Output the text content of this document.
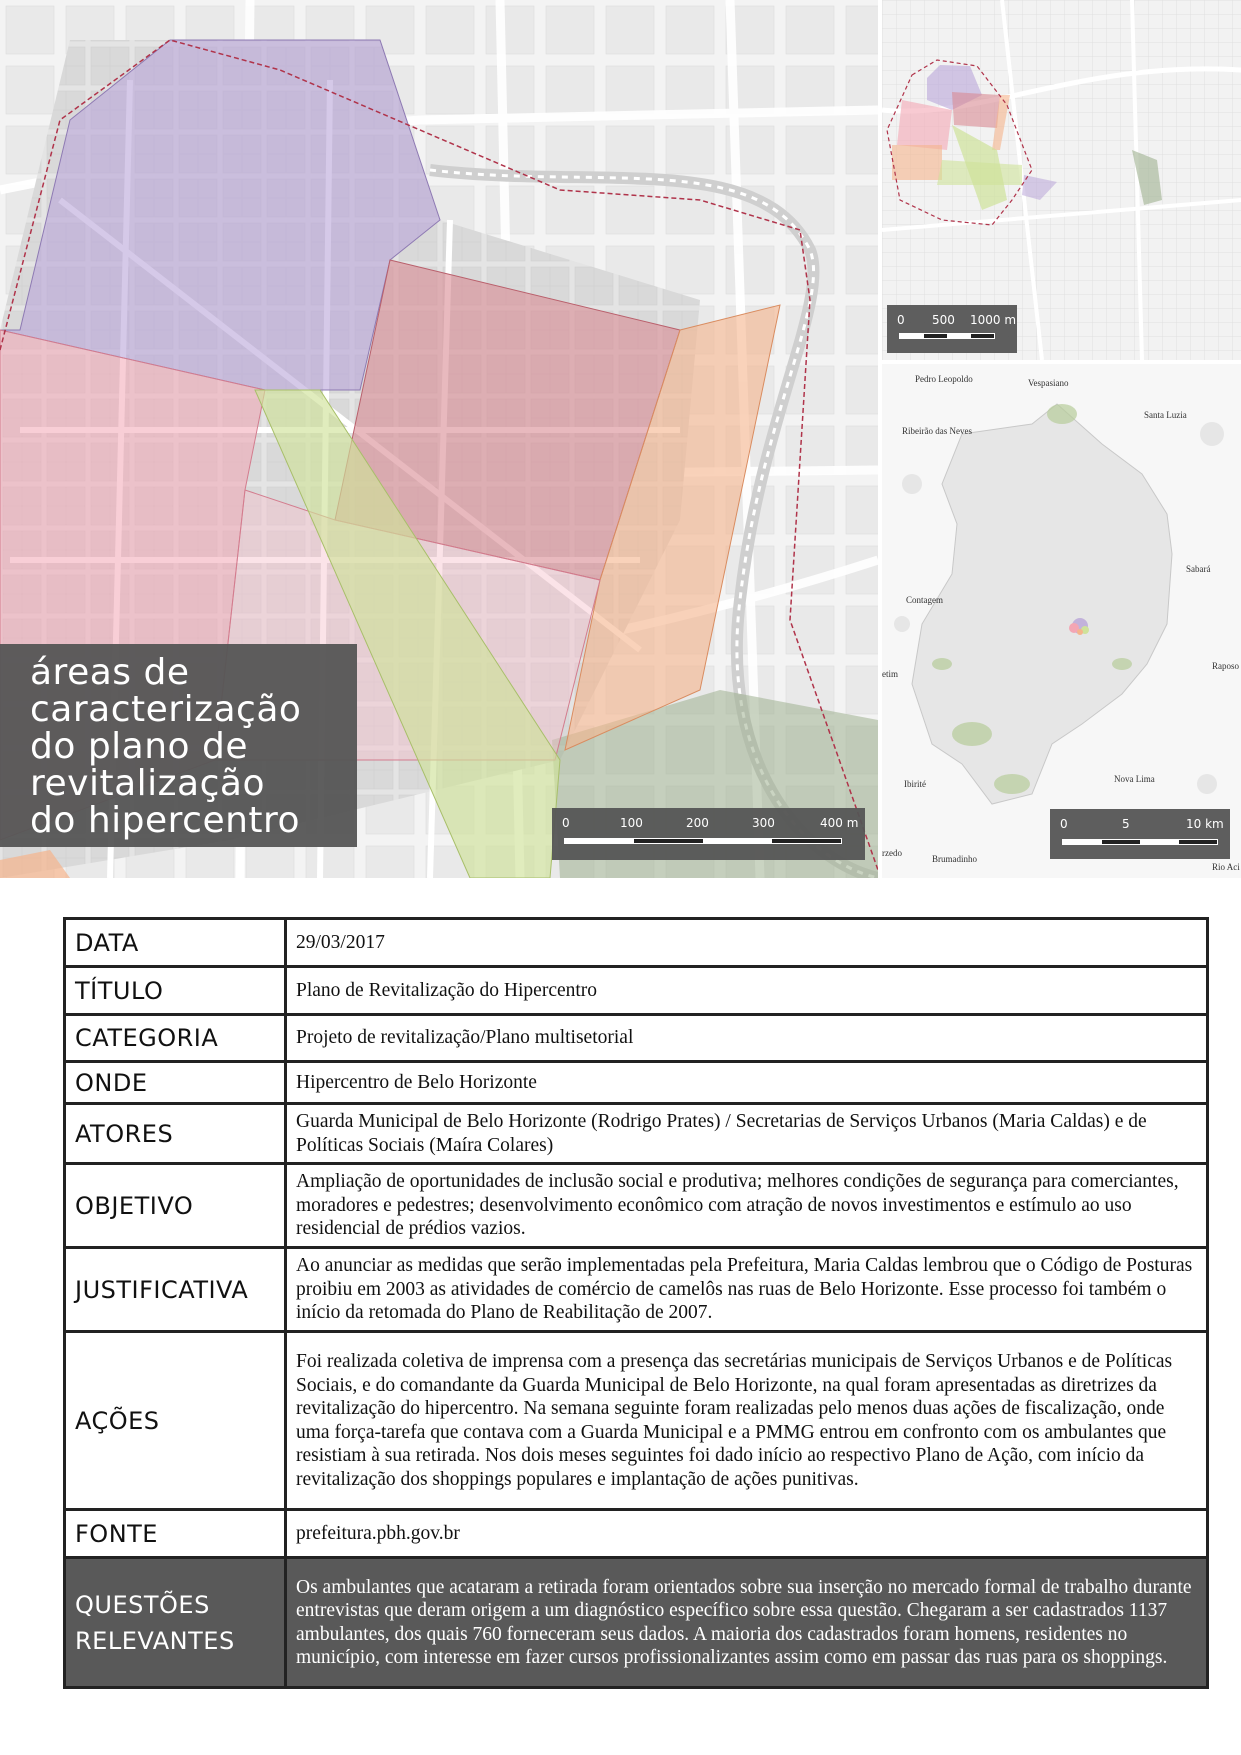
áreas de
caracterização
do plano de
revitalização
do hipercentro	0	100	200	300	400 m
0 500 1000 m
Pedro Leopoldo	Vespasiano
Santa Luzia
Ribeirão das Neves
Contagem
Sabará
etim
Raposo
Ibirité	Nova Lima
rzedo
Brumadinho
Rio Aci
0	5	10 km
DATA	29/03/2017
TÍTULO	Plano de Revitalização do Hipercentro
CATEGORIA	Projeto de revitalização/Plano multisetorial
ONDE	Hipercentro de Belo Horizonte
ATORES	Guarda Municipal de Belo Horizonte (Rodrigo Prates) / Secretarias de Serviços Urbanos (Maria Caldas) e de Políticas Sociais (Maíra Colares)
OBJETIVO	Ampliação de oportunidades de inclusão social e produtiva; melhores condições de segurança para comerciantes, moradores e pedestres; desenvolvimento econômico com atração de novos investimentos e estímulo ao uso residencial de prédios vazios.
JUSTIFICATIVA	Ao anunciar as medidas que serão implementadas pela Prefeitura, Maria Caldas lembrou que o Código de Posturas proibiu em 2003 as atividades de comércio de camelôs nas ruas de Belo Horizonte. Esse processo foi também o início da retomada do Plano de Reabilitação de 2007.
AÇÕES	Foi realizada coletiva de imprensa com a presença das secretárias municipais de Serviços Urbanos e de Políticas Sociais, e do comandante da Guarda Municipal de Belo Horizonte, na qual foram apresentadas as diretrizes da revitalização do hipercentro. Na semana seguinte foram realizadas pelo menos duas ações de fiscalização, onde uma força-tarefa que contava com a Guarda Municipal e a PMMG entrou em confronto com os ambulantes que resistiam à sua retirada. Nos dois meses seguintes foi dado início ao respectivo Plano de Ação, com início da revitalização dos shoppings populares e implantação de ações punitivas.
FONTE	prefeitura.pbh.gov.br
QUESTÕES RELEVANTES	Os ambulantes que acataram a retirada foram orientados sobre sua inserção no mercado formal de trabalho durante entrevistas que deram origem a um diagnóstico específico sobre essa questão. Chegaram a ser cadastrados 1137 ambulantes, dos quais 760 forneceram seus dados. A maioria dos cadastrados foram homens, residentes no município, com interesse em fazer cursos profissionalizantes assim como em passar das ruas para os shoppings.
